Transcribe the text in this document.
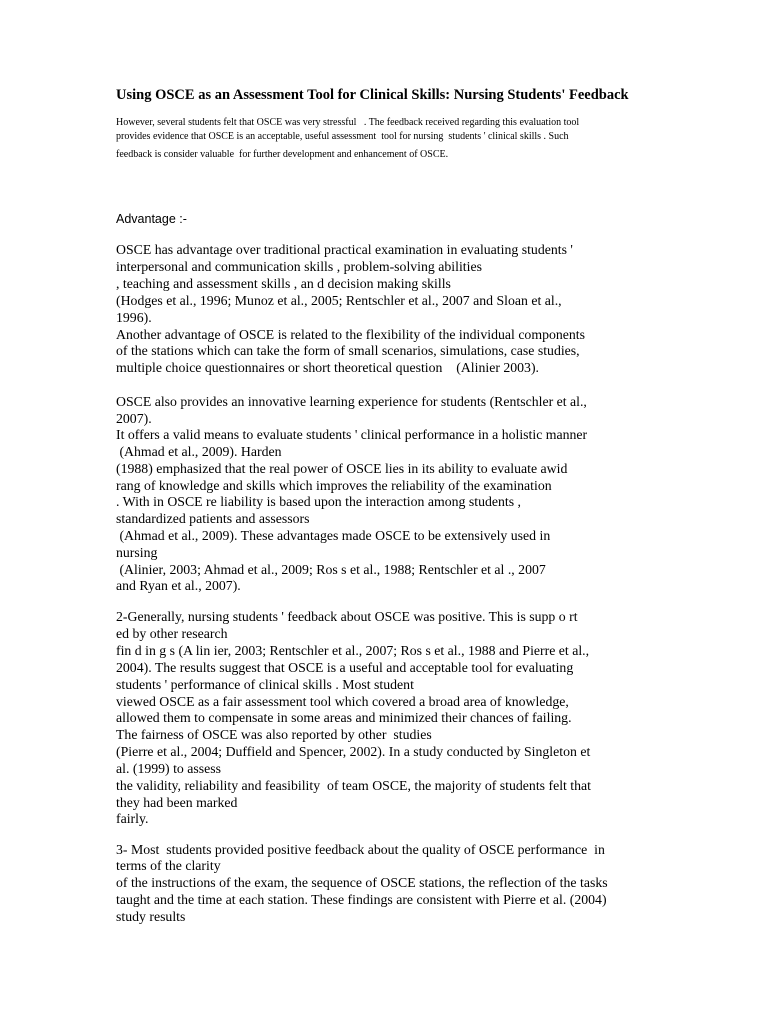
Using OSCE as an Assessment Tool for Clinical Skills: Nursing Students' Feedback
However, several students felt that OSCE was very stressful   . The feedback received regarding this evaluation tool
provides evidence that OSCE is an acceptable, useful assessment  tool for nursing  students ' clinical skills . Such
feedback is consider valuable  for further development and enhancement of OSCE.
Advantage :-
OSCE has advantage over traditional practical examination in evaluating students '
interpersonal and communication skills , problem-solving abilities
, teaching and assessment skills , an d decision making skills
(Hodges et al., 1996; Munoz et al., 2005; Rentschler et al., 2007 and Sloan et al.,
1996).
Another advantage of OSCE is related to the flexibility of the individual components
of the stations which can take the form of small scenarios, simulations, case studies,
multiple choice questionnaires or short theoretical question    (Alinier 2003).
OSCE also provides an innovative learning experience for students (Rentschler et al.,
2007).
It offers a valid means to evaluate students ' clinical performance in a holistic manner
(Ahmad et al., 2009). Harden
(1988) emphasized that the real power of OSCE lies in its ability to evaluate awid
rang of knowledge and skills which improves the reliability of the examination
. With in OSCE re liability is based upon the interaction among students ,
standardized patients and assessors
(Ahmad et al., 2009). These advantages made OSCE to be extensively used in
nursing
(Alinier, 2003; Ahmad et al., 2009; Ros s et al., 1988; Rentschler et al ., 2007
and Ryan et al., 2007).
2-Generally, nursing students ' feedback about OSCE was positive. This is supp o rt
ed by other research
fin d in g s (A lin ier, 2003; Rentschler et al., 2007; Ros s et al., 1988 and Pierre et al.,
2004). The results suggest that OSCE is a useful and acceptable tool for evaluating
students ' performance of clinical skills . Most student
viewed OSCE as a fair assessment tool which covered a broad area of knowledge,
allowed them to compensate in some areas and minimized their chances of failing.
The fairness of OSCE was also reported by other  studies
(Pierre et al., 2004; Duffield and Spencer, 2002). In a study conducted by Singleton et
al. (1999) to assess
the validity, reliability and feasibility  of team OSCE, the majority of students felt that
they had been marked
fairly.
3- Most  students provided positive feedback about the quality of OSCE performance  in
terms of the clarity
of the instructions of the exam, the sequence of OSCE stations, the reflection of the tasks
taught and the time at each station. These findings are consistent with Pierre et al. (2004)
study results
